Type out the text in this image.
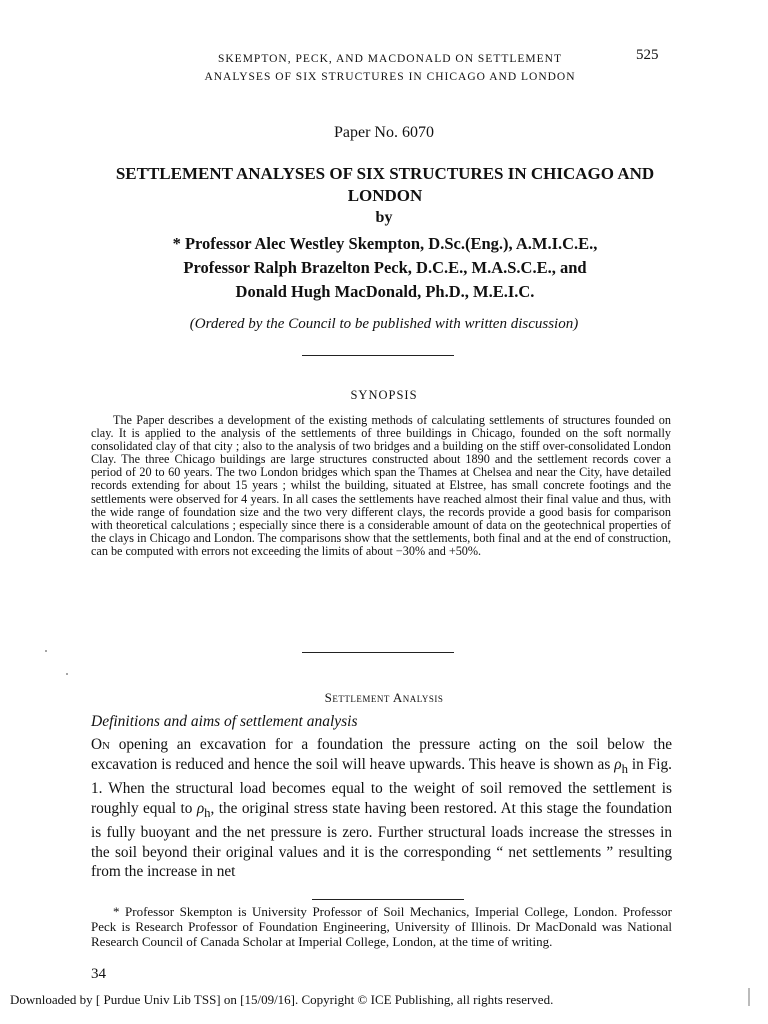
SKEMPTON, PECK, AND MACDONALD ON SETTLEMENT
ANALYSES OF SIX STRUCTURES IN CHICAGO AND LONDON
525
Paper No. 6070
SETTLEMENT ANALYSES OF SIX STRUCTURES IN CHICAGO AND LONDON
by
* Professor Alec Westley Skempton, D.Sc.(Eng.), A.M.I.C.E.,
Professor Ralph Brazelton Peck, D.C.E., M.A.S.C.E., and
Donald Hugh MacDonald, Ph.D., M.E.I.C.
(Ordered by the Council to be published with written discussion)
SYNOPSIS

The Paper describes a development of the existing methods of calculating settlements of structures founded on clay. It is applied to the analysis of the settlements of three buildings in Chicago, founded on the soft normally consolidated clay of that city ; also to the analysis of two bridges and a building on the stiff over-consolidated London Clay. The three Chicago buildings are large structures constructed about 1890 and the settlement records cover a period of 20 to 60 years. The two London bridges which span the Thames at Chelsea and near the City, have detailed records extending for about 15 years ; whilst the building, situated at Elstree, has small concrete footings and the settlements were observed for 4 years. In all cases the settlements have reached almost their final value and thus, with the wide range of foundation size and the two very different clays, the records provide a good basis for comparison with theoretical calculations ; especially since there is a considerable amount of data on the geotechnical properties of the clays in Chicago and London. The comparisons show that the settlements, both final and at the end of construction, can be computed with errors not exceeding the limits of about −30% and +50%.

Settlement Analysis
Definitions and aims of settlement analysis

On opening an excavation for a foundation the pressure acting on the soil below the excavation is reduced and hence the soil will heave upwards. This heave is shown as $\rho_h$ in Fig. 1. When the structural load becomes equal to the weight of soil removed the settlement is roughly equal to $\rho_h$, the original stress state having been restored. At this stage the foundation is fully buoyant and the net pressure is zero. Further structural loads increase the stresses in the soil beyond their original values and it is the corresponding “ net settlements ” resulting from the increase in net

* Professor Skempton is University Professor of Soil Mechanics, Imperial College, London. Professor Peck is Research Professor of Foundation Engineering, University of Illinois. Dr MacDonald was National Research Council of Canada Scholar at Imperial College, London, at the time of writing.

34
Downloaded by [ Purdue Univ Lib TSS] on [15/09/16]. Copyright © ICE Publishing, all rights reserved.
